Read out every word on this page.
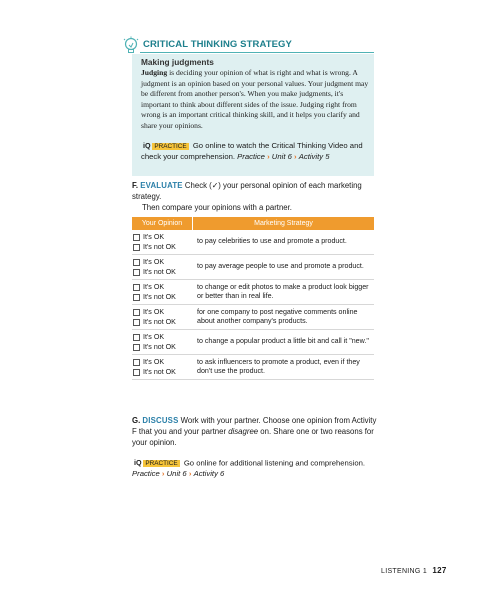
CRITICAL THINKING STRATEGY
Making judgments
Judging is deciding your opinion of what is right and what is wrong. A judgment is an opinion based on your personal values. Your judgment may be different from another person's. When you make judgments, it's important to think about different sides of the issue. Judging right from wrong is an important critical thinking skill, and it helps you clarify and share your opinions.
iQ PRACTICE Go online to watch the Critical Thinking Video and check your comprehension. Practice › Unit 6 › Activity 5
F. EVALUATE Check (✓) your personal opinion of each marketing strategy.
Then compare your opinions with a partner.
Your Opinion	Marketing Strategy
It's OK
It's not OK
to pay celebrities to use and promote a product.
It's OK
It's not OK
to pay average people to use and promote a product.
It's OK
It's not OK
to change or edit photos to make a product look bigger or better than in real life.
It's OK
It's not OK
for one company to post negative comments online about another company's products.
It's OK
It's not OK
to change a popular product a little bit and call it "new."
It's OK
It's not OK
to ask influencers to promote a product, even if they don't use the product.
G. DISCUSS Work with your partner. Choose one opinion from Activity F that you and your partner disagree on. Share one or two reasons for your opinion.
iQ PRACTICE Go online for additional listening and comprehension.
Practice › Unit 6 › Activity 6
LISTENING 1 127
